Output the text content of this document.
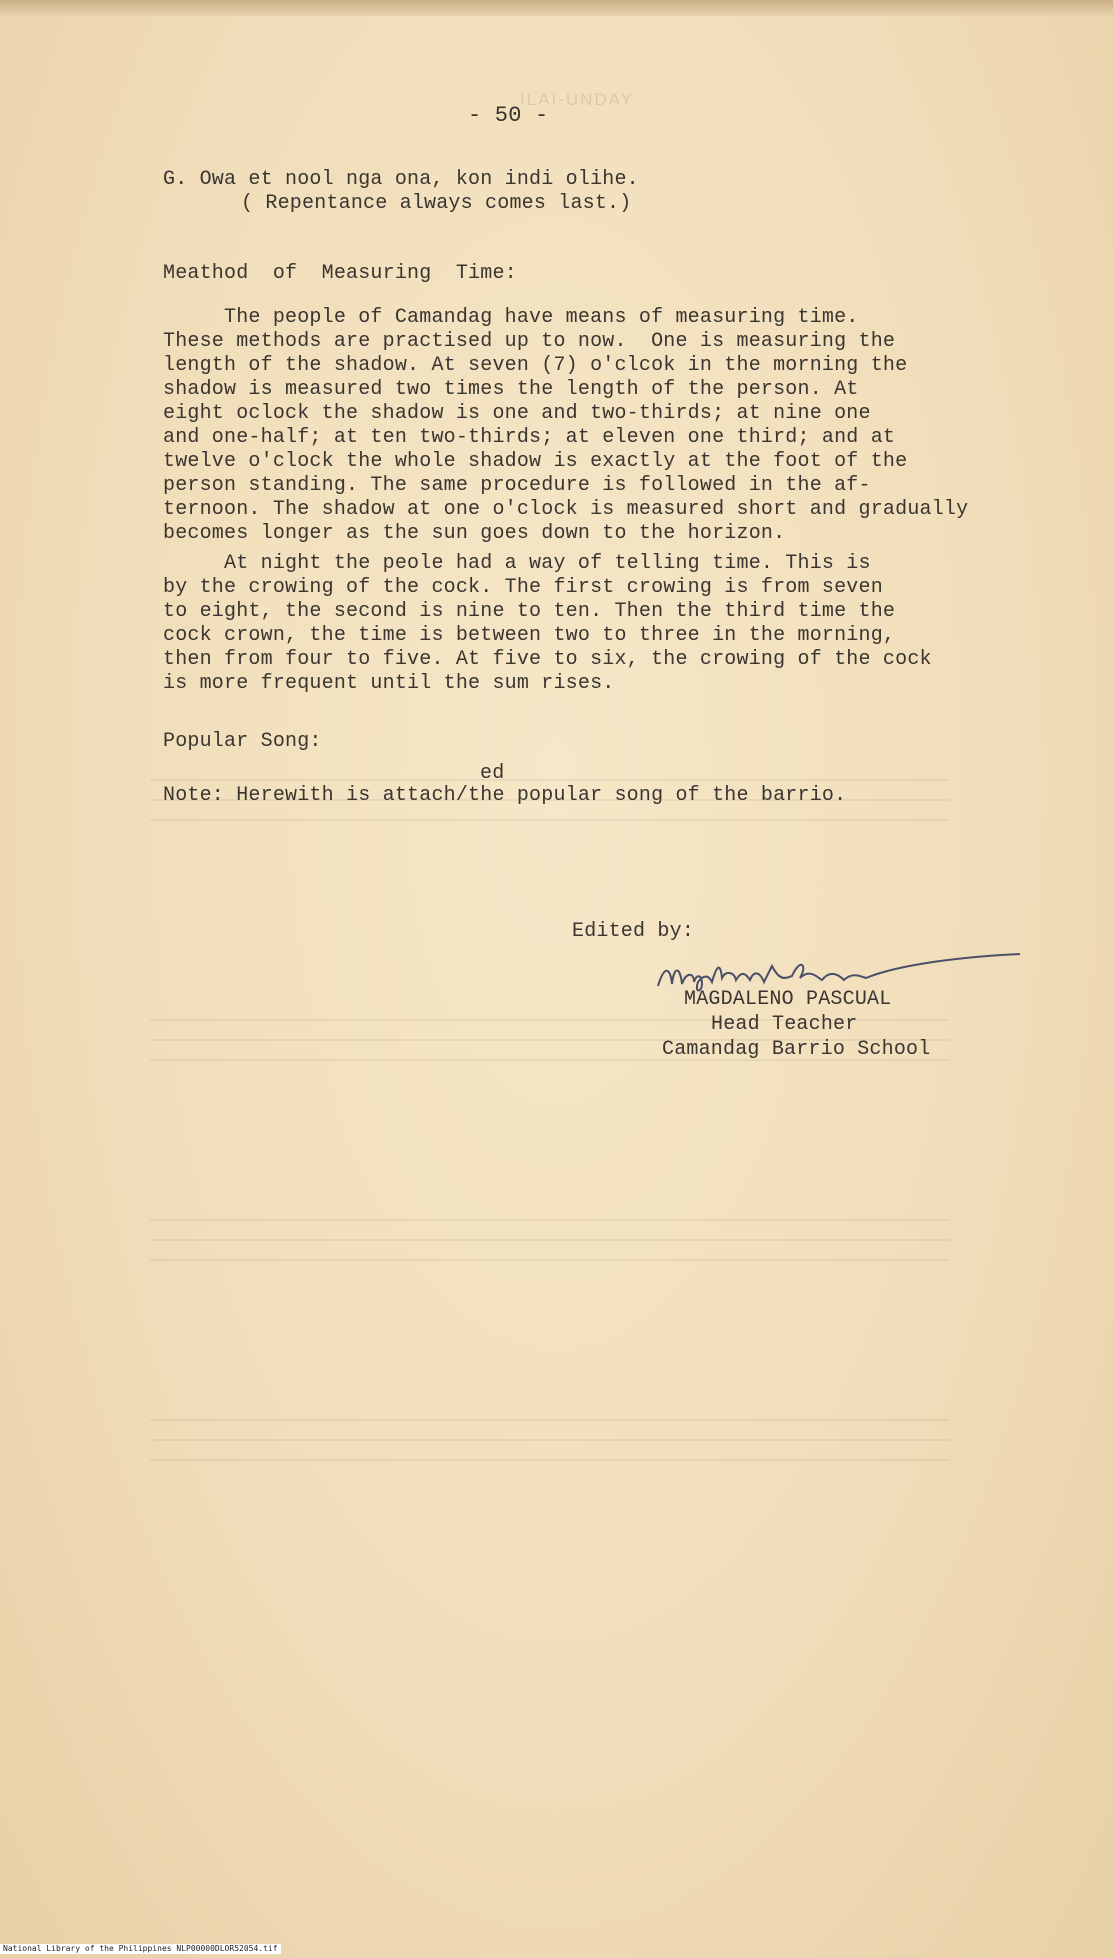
ILAI-UNDAY
- 50 -
G. Owa et nool nga ona, kon indi olihe.
( Repentance always comes last.)
Meathod  of  Measuring  Time:
The people of Camandag have means of measuring time.
These methods are practised up to now.  One is measuring the
length of the shadow. At seven (7) o'clcok in the morning the
shadow is measured two times the length of the person. At
eight oclock the shadow is one and two-thirds; at nine one
and one-half; at ten two-thirds; at eleven one third; and at
twelve o'clock the whole shadow is exactly at the foot of the
person standing. The same procedure is followed in the af-
ternoon. The shadow at one o'clock is measured short and gradually
becomes longer as the sun goes down to the horizon.
At night the peole had a way of telling time. This is
by the crowing of the cock. The first crowing is from seven
to eight, the second is nine to ten. Then the third time the
cock crown, the time is between two to three in the morning,
then from four to five. At five to six, the crowing of the cock
is more frequent until the sum rises.
Popular Song:
ed
Note: Herewith is attach/the popular song of the barrio.
Edited by:
MAGDALENO PASCUAL
Head Teacher
Camandag Barrio School
National Library of the Philippines NLP00000DLOR52054.tif
